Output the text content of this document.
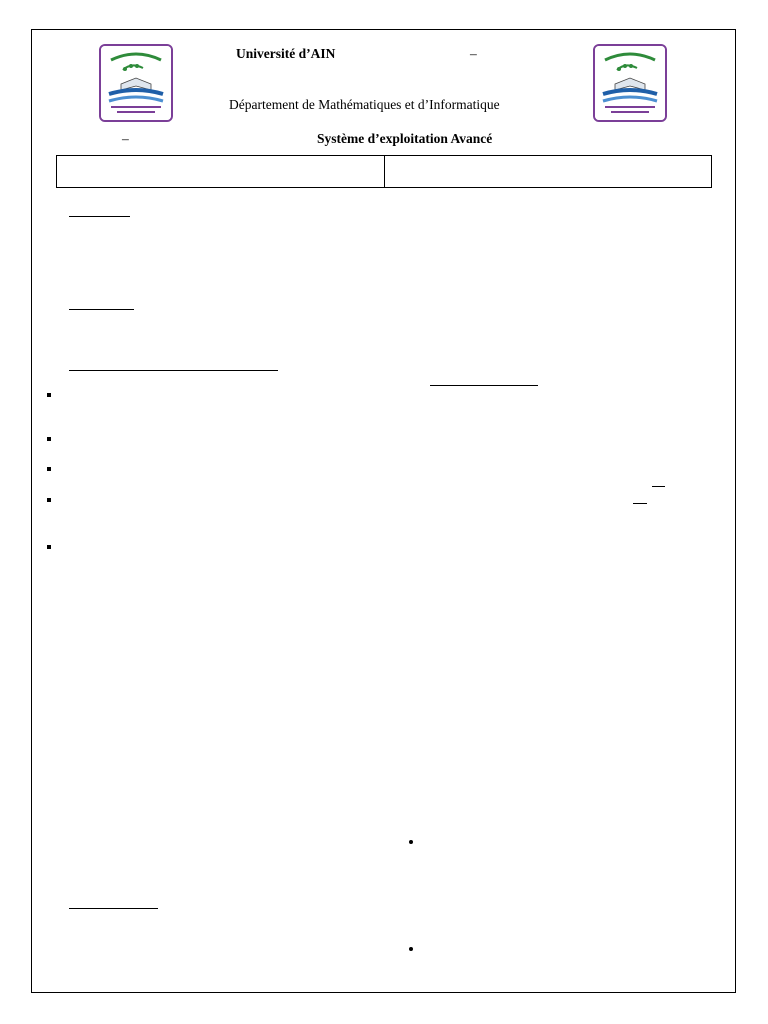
Université d’AIN	–
Département de Mathématiques et d’Informatique
–	Système d’exploitation Avancé
